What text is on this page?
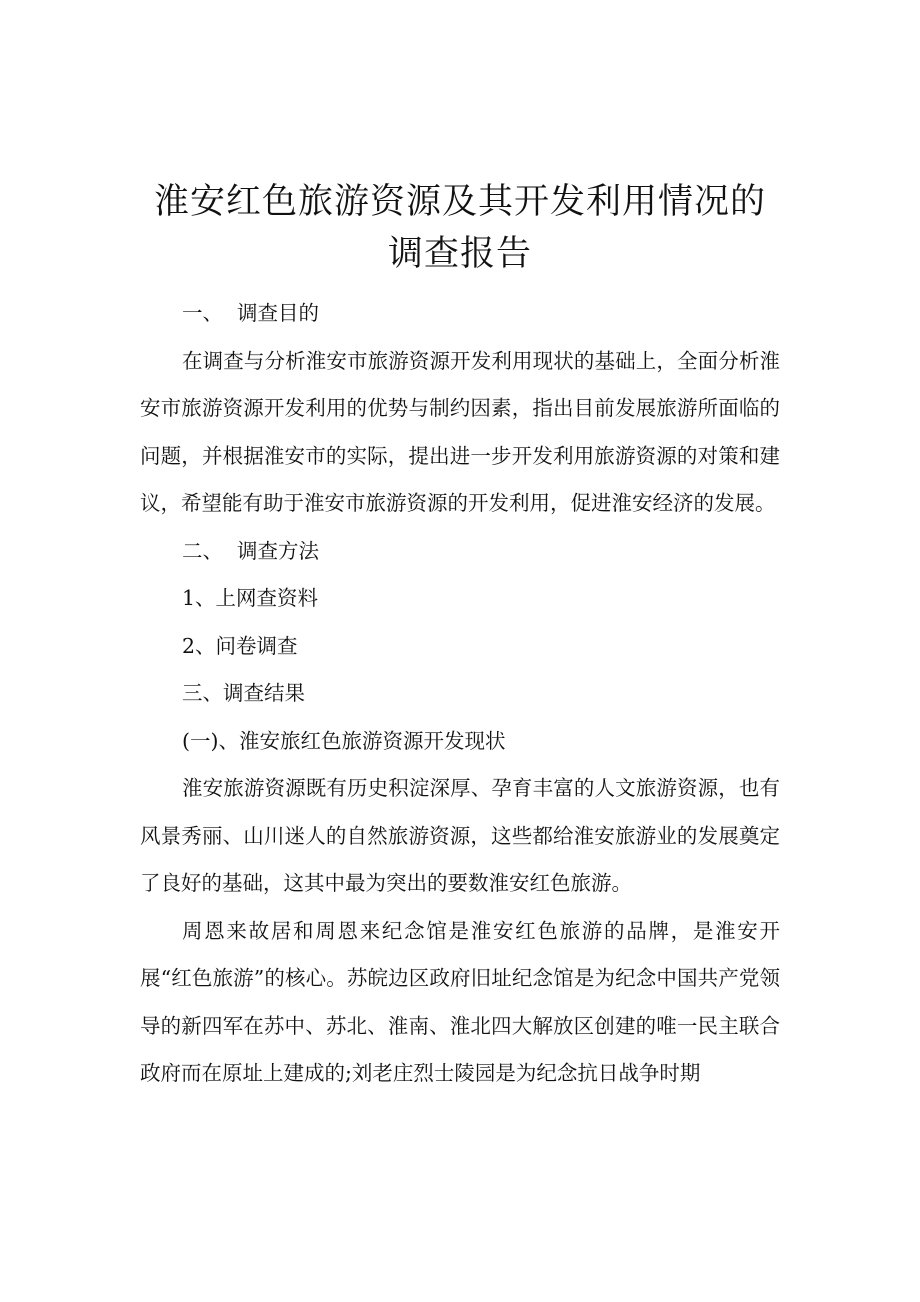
淮安红色旅游资源及其开发利用情况的调查报告

一、 调查目的

在调查与分析淮安市旅游资源开发利用现状的基础上，全面分析淮安市旅游资源开发利用的优势与制约因素，指出目前发展旅游所面临的问题，并根据淮安市的实际，提出进一步开发利用旅游资源的对策和建议，希望能有助于淮安市旅游资源的开发利用，促进淮安经济的发展。

二、 调查方法

1、上网查资料

2、问卷调查

三、调查结果

(一)、淮安旅红色旅游资源开发现状

淮安旅游资源既有历史积淀深厚、孕育丰富的人文旅游资源，也有风景秀丽、山川迷人的自然旅游资源，这些都给淮安旅游业的发展奠定了良好的基础，这其中最为突出的要数淮安红色旅游。

周恩来故居和周恩来纪念馆是淮安红色旅游的品牌，是淮安开展“红色旅游”的核心。苏皖边区政府旧址纪念馆是为纪念中国共产党领导的新四军在苏中、苏北、淮南、淮北四大解放区创建的唯一民主联合政府而在原址上建成的;刘老庄烈士陵园是为纪念抗日战争时期
